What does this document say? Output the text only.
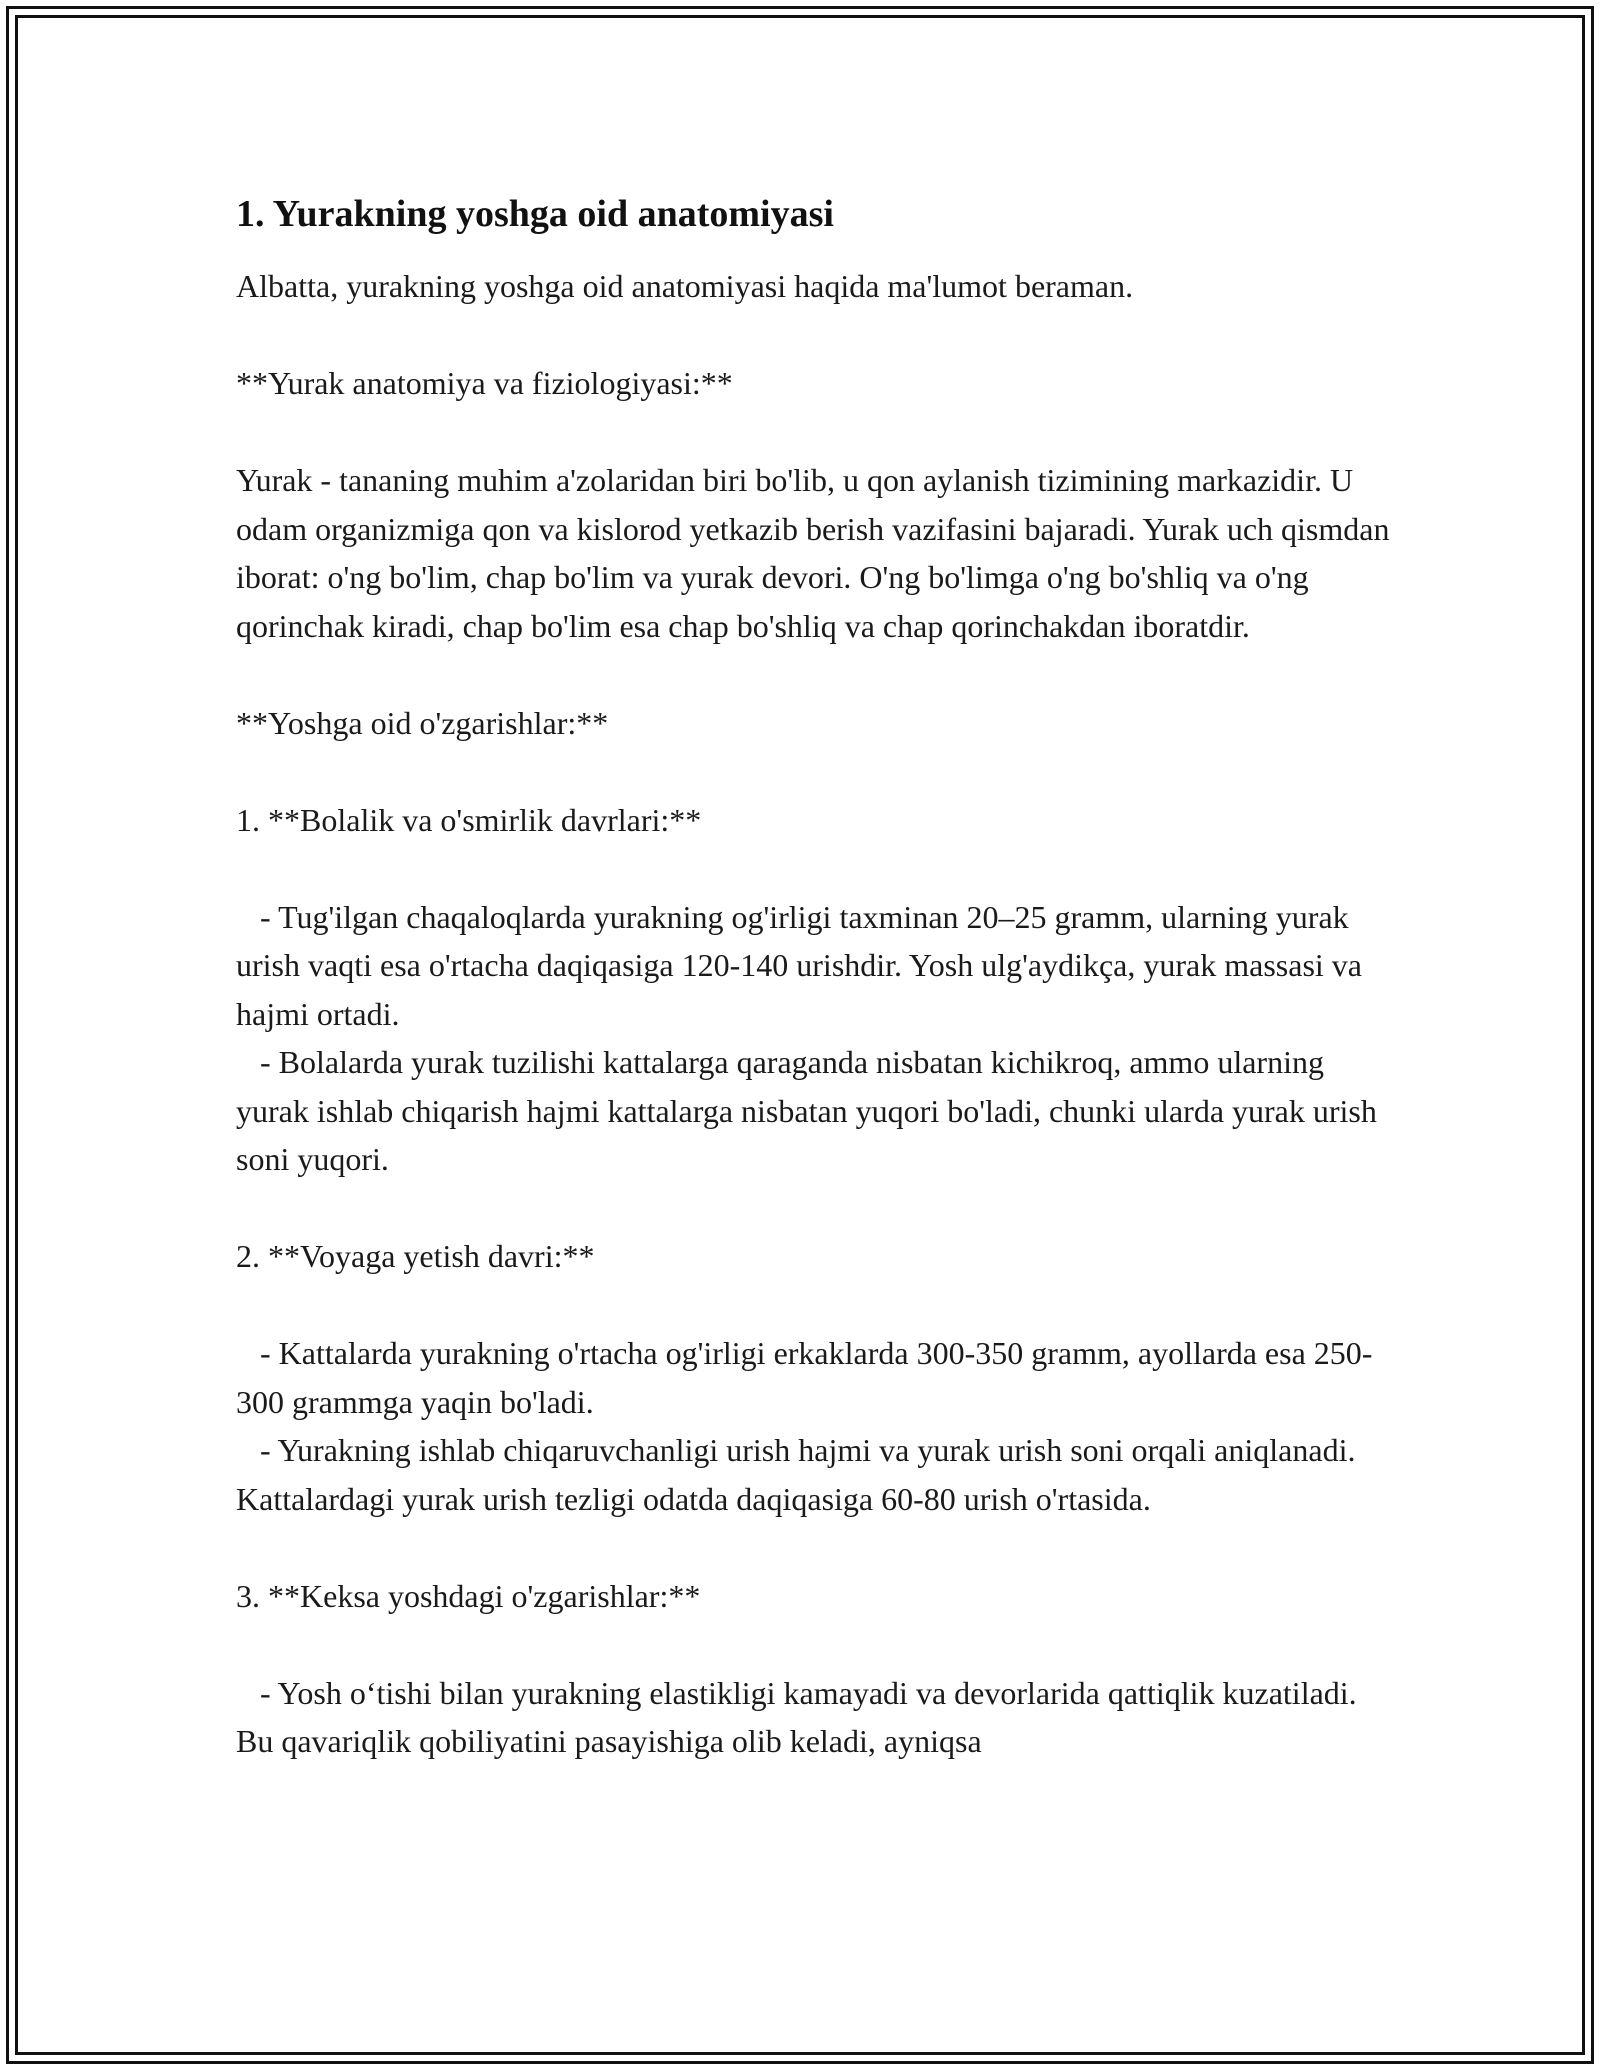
1. Yurakning yoshga oid anatomiyasi

Albatta, yurakning yoshga oid anatomiyasi haqida ma'lumot beraman.

**Yurak anatomiya va fiziologiyasi:**

Yurak - tananing muhim a'zolaridan biri bo'lib, u qon aylanish tizimining markazidir. U odam organizmiga qon va kislorod yetkazib berish vazifasini bajaradi. Yurak uch qismdan iborat: o'ng bo'lim, chap bo'lim va yurak devori. O'ng bo'limga o'ng bo'shliq va o'ng qorinchak kiradi, chap bo'lim esa chap bo'shliq va chap qorinchakdan iboratdir.

**Yoshga oid o'zgarishlar:**

1. **Bolalik va o'smirlik davrlari:**

- Tug'ilgan chaqaloqlarda yurakning og'irligi taxminan 20–25 gramm, ularning yurak urish vaqti esa o'rtacha daqiqasiga 120-140 urishdir. Yosh ulg'aydikça, yurak massasi va hajmi ortadi.
- Bolalarda yurak tuzilishi kattalarga qaraganda nisbatan kichikroq, ammo ularning yurak ishlab chiqarish hajmi kattalarga nisbatan yuqori bo'ladi, chunki ularda yurak urish soni yuqori.

2. **Voyaga yetish davri:**

- Kattalarda yurakning o'rtacha og'irligi erkaklarda 300-350 gramm, ayollarda esa 250-300 grammga yaqin bo'ladi.
- Yurakning ishlab chiqaruvchanligi urish hajmi va yurak urish soni orqali aniqlanadi. Kattalardagi yurak urish tezligi odatda daqiqasiga 60-80 urish o'rtasida.

3. **Keksa yoshdagi o'zgarishlar:**

- Yosh o‘tishi bilan yurakning elastikligi kamayadi va devorlarida qattiqlik kuzatiladi. Bu qavariqlik qobiliyatini pasayishiga olib keladi, ayniqsa
